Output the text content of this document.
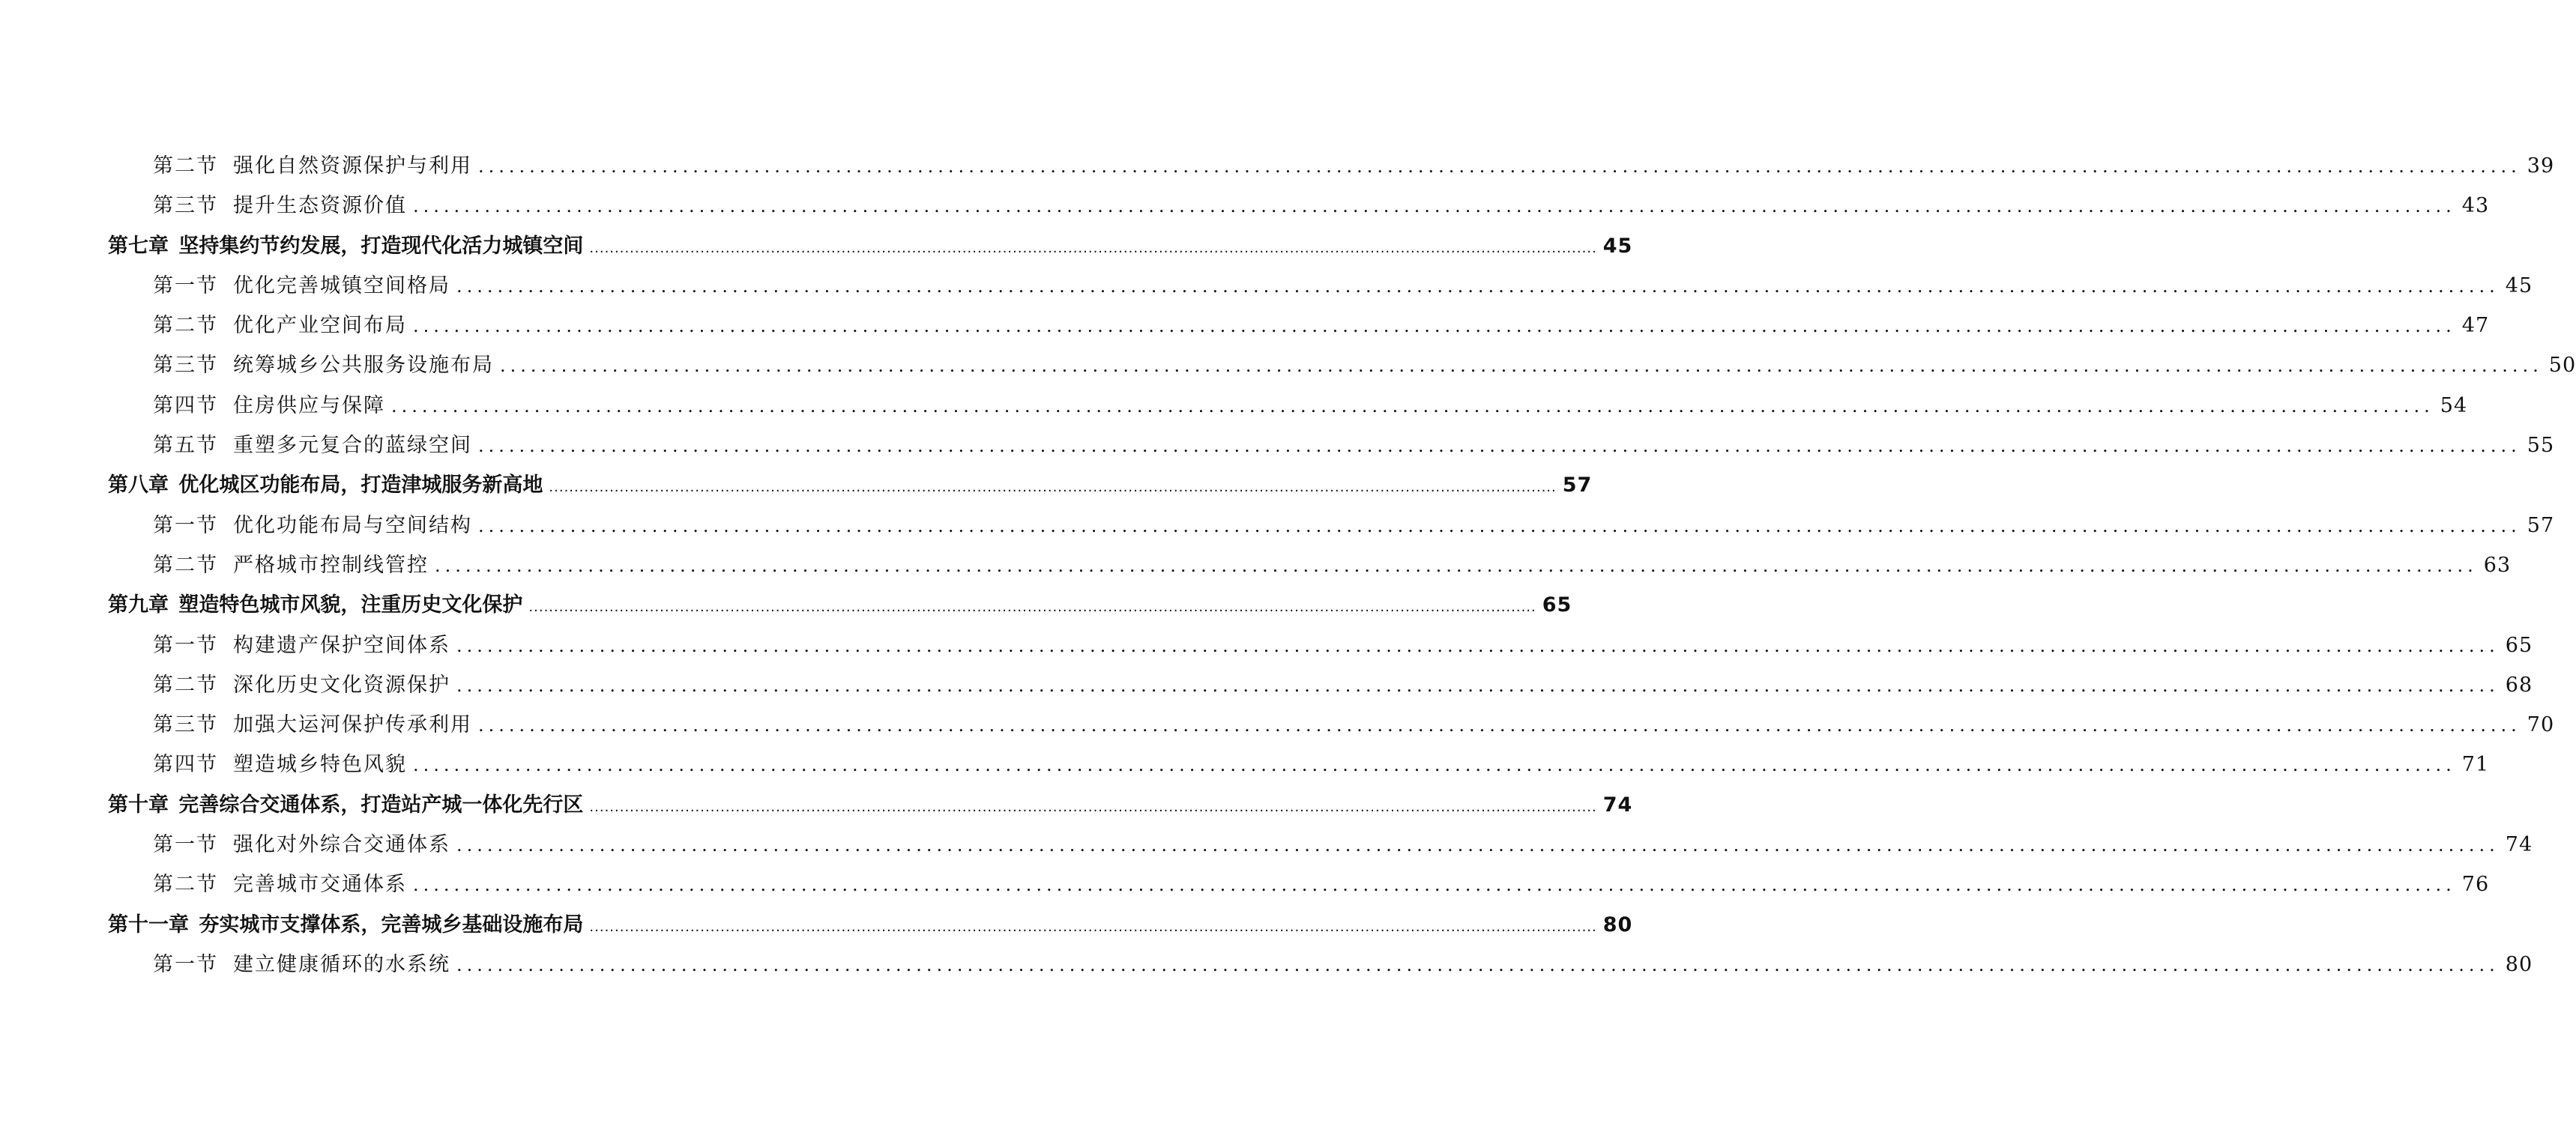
第二节 强化自然资源保护与利用 ........................................................................................................................................................................................................ 39
第三节 提升生态资源价值 ........................................................................................................................................................................................................ 43
第七章 坚持集约节约发展，打造现代化活力城镇空间 ........................................................................................................................................................................................................ 45
第一节 优化完善城镇空间格局 ........................................................................................................................................................................................................ 45
第二节 优化产业空间布局 ........................................................................................................................................................................................................ 47
第三节 统筹城乡公共服务设施布局 ........................................................................................................................................................................................................ 50
第四节 住房供应与保障 ........................................................................................................................................................................................................ 54
第五节 重塑多元复合的蓝绿空间 ........................................................................................................................................................................................................ 55
第八章 优化城区功能布局，打造津城服务新高地 ........................................................................................................................................................................................................ 57
第一节 优化功能布局与空间结构 ........................................................................................................................................................................................................ 57
第二节 严格城市控制线管控 ........................................................................................................................................................................................................ 63
第九章 塑造特色城市风貌，注重历史文化保护 ........................................................................................................................................................................................................ 65
第一节 构建遗产保护空间体系 ........................................................................................................................................................................................................ 65
第二节 深化历史文化资源保护 ........................................................................................................................................................................................................ 68
第三节 加强大运河保护传承利用 ........................................................................................................................................................................................................ 70
第四节 塑造城乡特色风貌 ........................................................................................................................................................................................................ 71
第十章 完善综合交通体系，打造站产城一体化先行区 ........................................................................................................................................................................................................ 74
第一节 强化对外综合交通体系 ........................................................................................................................................................................................................ 74
第二节 完善城市交通体系 ........................................................................................................................................................................................................ 76
第十一章 夯实城市支撑体系，完善城乡基础设施布局 ........................................................................................................................................................................................................ 80
第一节 建立健康循环的水系统 ........................................................................................................................................................................................................ 80
